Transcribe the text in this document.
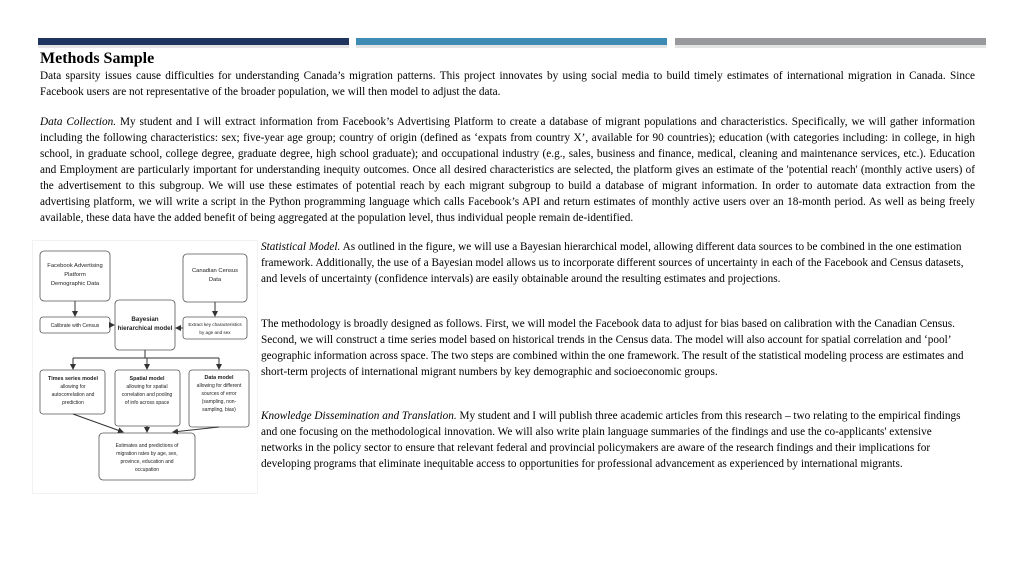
Methods Sample

Data sparsity issues cause difficulties for understanding Canada’s migration patterns. This project innovates by using social media to build timely estimates of international migration in Canada. Since Facebook users are not representative of the broader population, we will then model to adjust the data.

Data Collection. My student and I will extract information from Facebook’s Advertising Platform to create a database of migrant populations and characteristics. Specifically, we will gather information including the following characteristics: sex; five-year age group; country of origin (defined as ‘expats from country X’, available for 90 countries); education (with categories including: in college, in high school, in graduate school, college degree, graduate degree, high school graduate); and occupational industry (e.g., sales, business and finance, medical, cleaning and maintenance services, etc.). Education and Employment are particularly important for understanding inequity outcomes. Once all desired characteristics are selected, the platform gives an estimate of the 'potential reach' (monthly active users) of the advertisement to this subgroup. We will use these estimates of potential reach by each migrant subgroup to build a database of migrant information. In order to automate data extraction from the advertising platform, we will write a script in the Python programming language which calls Facebook’s API and return estimates of monthly active users over an 18-month period. As well as being freely available, these data have the added benefit of being aggregated at the population level, thus individual people remain de-identified.

Facebook Advertising
Platform
Demographic Data
Canadian Census
Data
Calibrate with Census	Extract key characteristics
by age and sex
Bayesian
hierarchical model
Times series model
allowing for
autocorrelation and
prediction
Spatial model
allowing for spatial
correlation and pooling
of info across space
Data model
allowing for different
sources of error
(sampling, non-
sampling, bias)
Estimates and predictions of
migration rates by age, sex,
province, education and
occupation

Statistical Model. As outlined in the figure, we will use a Bayesian hierarchical model, allowing different data sources to be combined in the one estimation framework. Additionally, the use of a Bayesian model allows us to incorporate different sources of uncertainty in each of the Facebook and Census datasets, and levels of uncertainty (confidence intervals) are easily obtainable around the resulting estimates and projections.

The methodology is broadly designed as follows. First, we will model the Facebook data to adjust for bias based on calibration with the Canadian Census. Second, we will construct a time series model based on historical trends in the Census data. The model will also account for spatial correlation and ‘pool’ geographic information across space. The two steps are combined within the one framework. The result of the statistical modeling process are estimates and short-term projects of international migrant numbers by key demographic and socioeconomic groups.

Knowledge Dissemination and Translation. My student and I will publish three academic articles from this research – two relating to the empirical findings and one focusing on the methodological innovation. We will also write plain language summaries of the findings and use the co-applicants' extensive networks in the policy sector to ensure that relevant federal and provincial policymakers are aware of the research findings and their implications for developing programs that eliminate inequitable access to opportunities for professional advancement as experienced by international migrants.
